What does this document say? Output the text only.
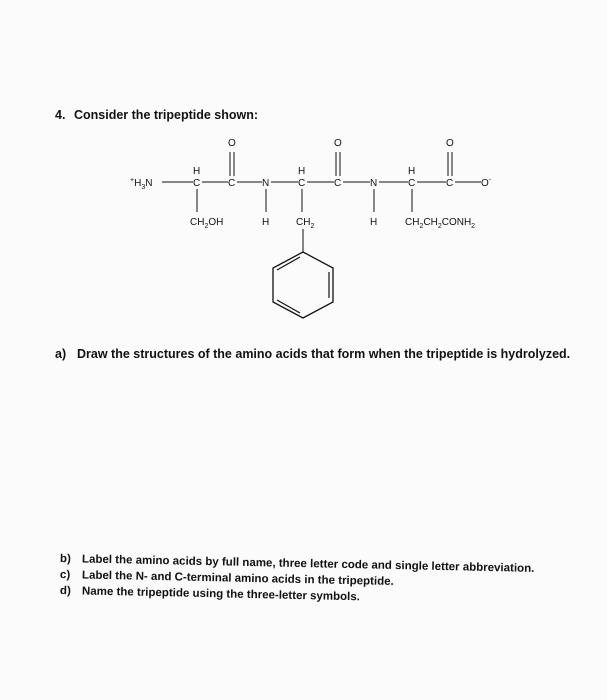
4. Consider the tripeptide shown:
$^+H_3N$
H
C
$CH_2OH$
O
C	N
H
H
C
$CH_2$
O
C	N
H
H
C
$CH_2CH_2CONH_2$
O
C	O-
a) Draw the structures of the amino acids that form when the tripeptide is hydrolyzed.
b) Label the amino acids by full name, three letter code and single letter abbreviation.
c) Label the N- and C-terminal amino acids in the tripeptide.
d) Name the tripeptide using the three-letter symbols.
